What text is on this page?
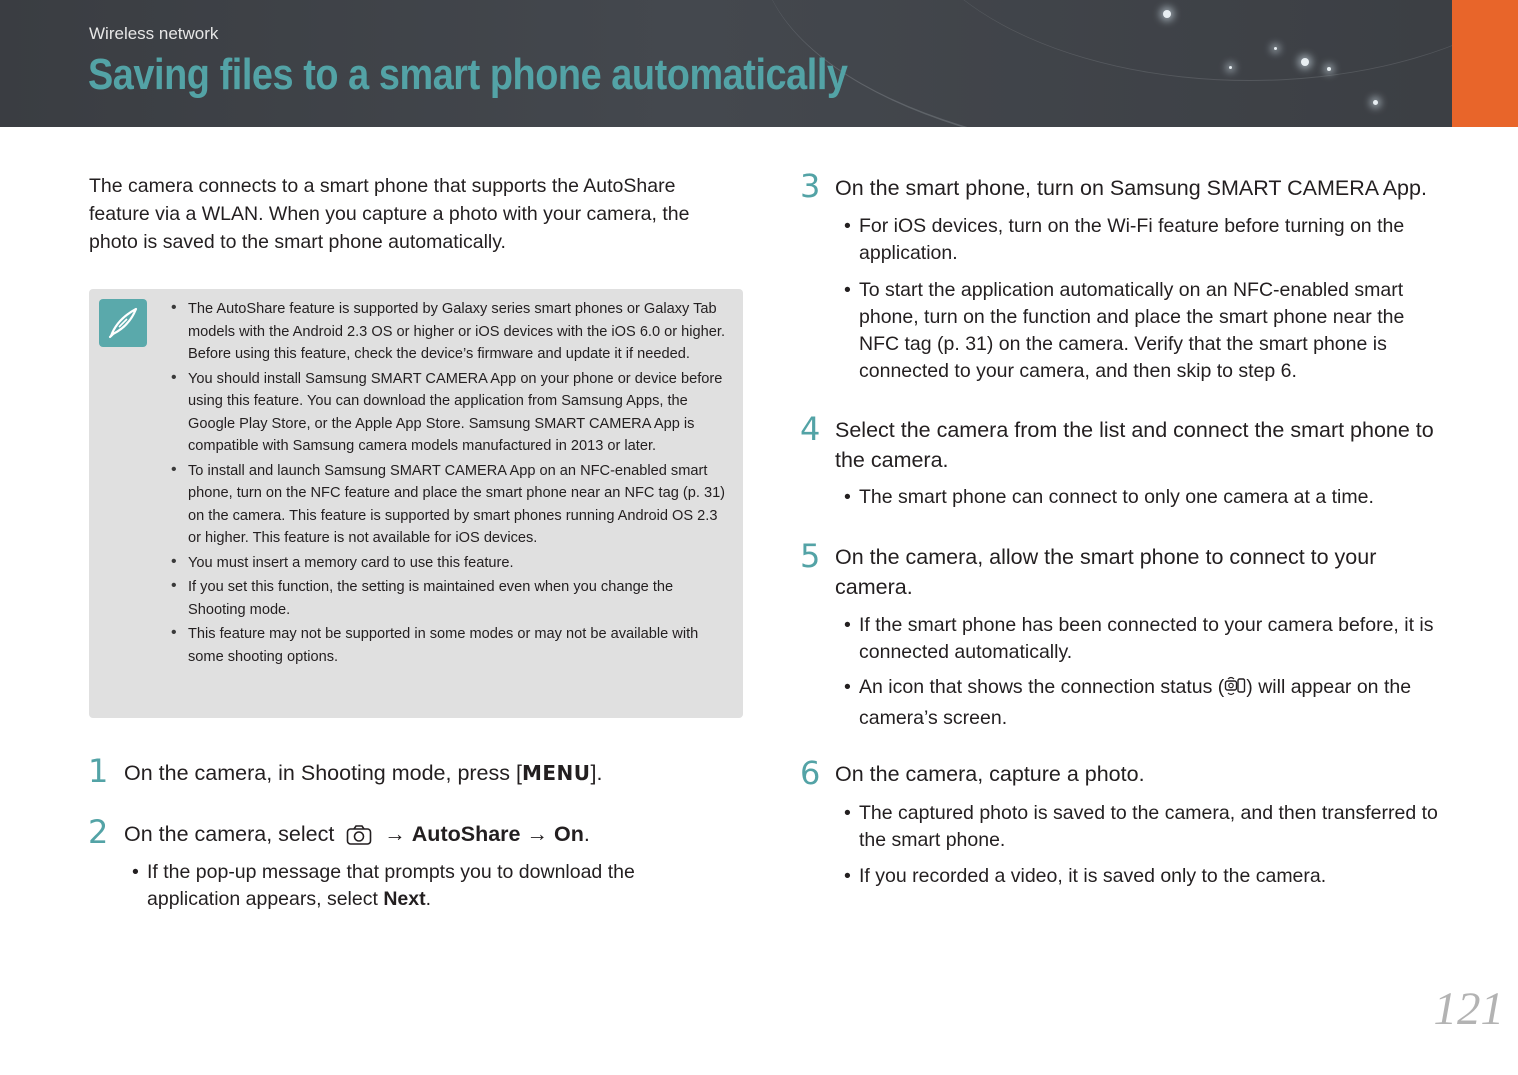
Wireless network
Saving files to a smart phone automatically

The camera connects to a smart phone that supports the AutoShare feature via a WLAN. When you capture a photo with your camera, the photo is saved to the smart phone automatically.

• The AutoShare feature is supported by Galaxy series smart phones or Galaxy Tab models with the Android 2.3 OS or higher or iOS devices with the iOS 6.0 or higher. Before using this feature, check the device’s firmware and update it if needed.
• You should install Samsung SMART CAMERA App on your phone or device before using this feature. You can download the application from Samsung Apps, the Google Play Store, or the Apple App Store. Samsung SMART CAMERA App is compatible with Samsung camera models manufactured in 2013 or later.
• To install and launch Samsung SMART CAMERA App on an NFC-enabled smart phone, turn on the NFC feature and place the smart phone near an NFC tag (p. 31) on the camera. This feature is supported by smart phones running Android OS 2.3 or higher. This feature is not available for iOS devices.
• You must insert a memory card to use this feature.
• If you set this function, the setting is maintained even when you change the Shooting mode.
• This feature may not be supported in some modes or may not be available with some shooting options.
1 On the camera, in Shooting mode, press [MENU].

2 On the camera, select → AutoShare → On.

• If the pop-up message that prompts you to download the application appears, select Next.

3 On the smart phone, turn on Samsung SMART CAMERA App.

• For iOS devices, turn on the Wi-Fi feature before turning on the application.

• To start the application automatically on an NFC-enabled smart phone, turn on the function and place the smart phone near the NFC tag (p. 31) on the camera. Verify that the smart phone is connected to your camera, and then skip to step 6.

4 Select the camera from the list and connect the smart phone to the camera.

• The smart phone can connect to only one camera at a time.

5 On the camera, allow the smart phone to connect to your camera.

• If the smart phone has been connected to your camera before, it is connected automatically.

• An icon that shows the connection status ( ) will appear on the camera’s screen.

6 On the camera, capture a photo.

• The captured photo is saved to the camera, and then transferred to the smart phone.

• If you recorded a video, it is saved only to the camera.

121
